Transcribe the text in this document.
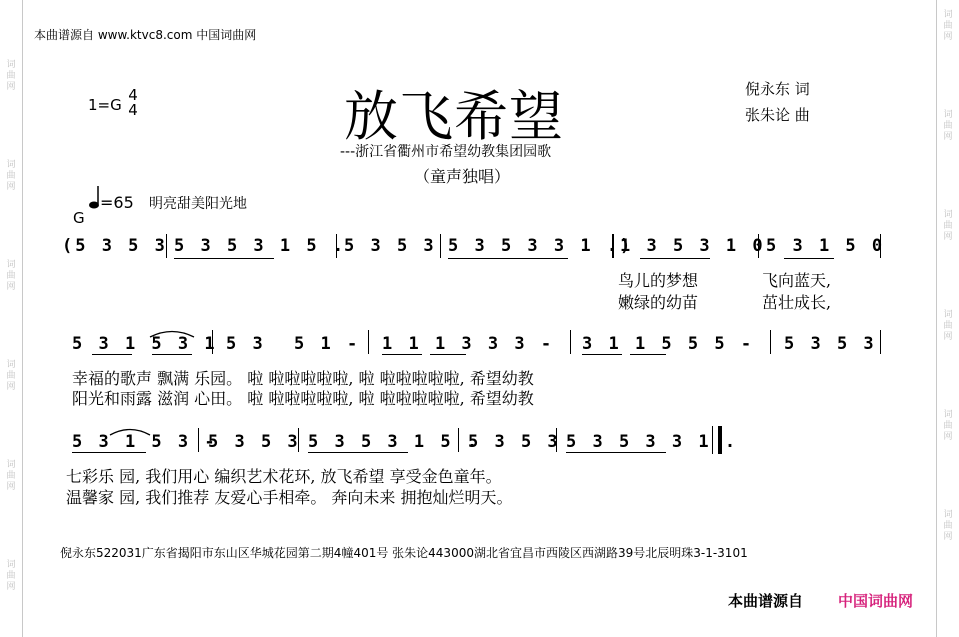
词曲网
词曲网
词曲网
词曲网
词曲网
词曲网
词曲网
词曲网
词曲网
词曲网
词曲网
词曲网
本曲谱源自 www.ktvc8.com 中国词曲网
1=G
4
4	放飞希望
---浙江省衢州市希望幼教集团园歌
（童声独唱）
倪永东 词
张朱论 曲
=65
G
明亮甜美阳光地
(5 3 5 3 5 3 5 3 1 5 .
5 3 5 3 5 3 5 3 3 1 .)
1 3 5 3 1 0 5 3 1 5 0
鸟儿的梦想	飞向蓝天,
嫩绿的幼苗	茁壮成长,
5 3 1 5 3 1 5 3 5 1 - 1 1 1 3 3 3 - 3 1 1 5 5 5 - 5 3 5 3
幸福的歌声 飘满 乐园。 啦 啦啦啦啦啦, 啦 啦啦啦啦啦, 希望幼教
阳光和雨露 滋润 心田。 啦 啦啦啦啦啦, 啦 啦啦啦啦啦, 希望幼教
5 3 1 5 3 -
5 3 5 3 5 3 5 3 1 5 .
5 3 5 3 5 3 5 3 3 1 .
七彩乐 园, 我们用心 编织艺术花环, 放飞希望 享受金色童年。
温馨家 园, 我们推荐 友爱心手相牵。 奔向未来 拥抱灿烂明天。
倪永东522031广东省揭阳市东山区华城花园第二期4幢401号 张朱论443000湖北省宜昌市西陵区西湖路39号北辰明珠3-1-3101
本曲谱源自 中国词曲网
